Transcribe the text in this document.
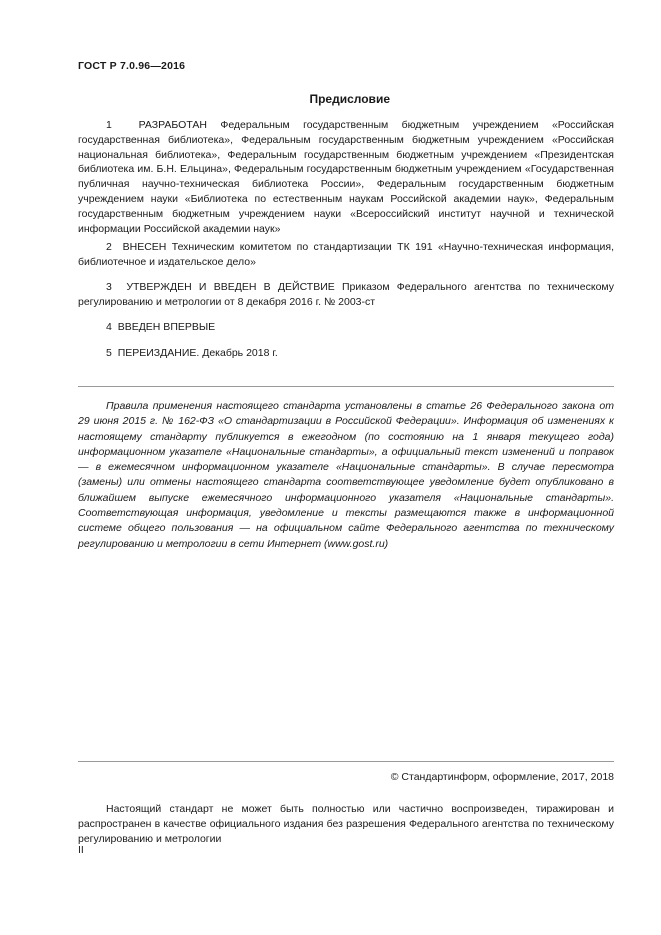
ГОСТ Р 7.0.96—2016
Предисловие
1	РАЗРАБОТАН Федеральным государственным бюджетным учреждением «Российская государственная библиотека», Федеральным государственным бюджетным учреждением «Российская национальная библиотека», Федеральным государственным бюджетным учреждением «Президентская библиотека им. Б.Н. Ельцина», Федеральным государственным бюджетным учреждением «Государственная публичная научно-техническая библиотека России», Федеральным государственным бюджетным учреждением науки «Библиотека по естественным наукам Российской академии наук», Федеральным государственным бюджетным учреждением науки «Всероссийский институт научной и технической информации Российской академии наук»
2 ВНЕСЕН Техническим комитетом по стандартизации ТК 191 «Научно-техническая информация, библиотечное и издательское дело»
3 УТВЕРЖДЕН И ВВЕДЕН В ДЕЙСТВИЕ Приказом Федерального агентства по техническому регулированию и метрологии от 8 декабря 2016 г. № 2003-ст
4 ВВЕДЕН ВПЕРВЫЕ
5 ПЕРЕИЗДАНИЕ. Декабрь 2018 г.
Правила применения настоящего стандарта установлены в статье 26 Федерального закона от 29 июня 2015 г. № 162-ФЗ «О стандартизации в Российской Федерации». Информация об изменениях к настоящему стандарту публикуется в ежегодном (по состоянию на 1 января текущего года) информационном указателе «Национальные стандарты», а официальный текст изменений и поправок — в ежемесячном информационном указателе «Национальные стандарты». В случае пересмотра (замены) или отмены настоящего стандарта соответствующее уведомление будет опубликовано в ближайшем выпуске ежемесячного информационного указателя «Национальные стандарты». Соответствующая информация, уведомление и тексты размещаются также в информационной системе общего пользования — на официальном сайте Федерального агентства по техническому регулированию и метрологии в сети Интернет (www.gost.ru)
© Стандартинформ, оформление, 2017, 2018
Настоящий стандарт не может быть полностью или частично воспроизведен, тиражирован и распространен в качестве официального издания без разрешения Федерального агентства по техническому регулированию и метрологии
II
